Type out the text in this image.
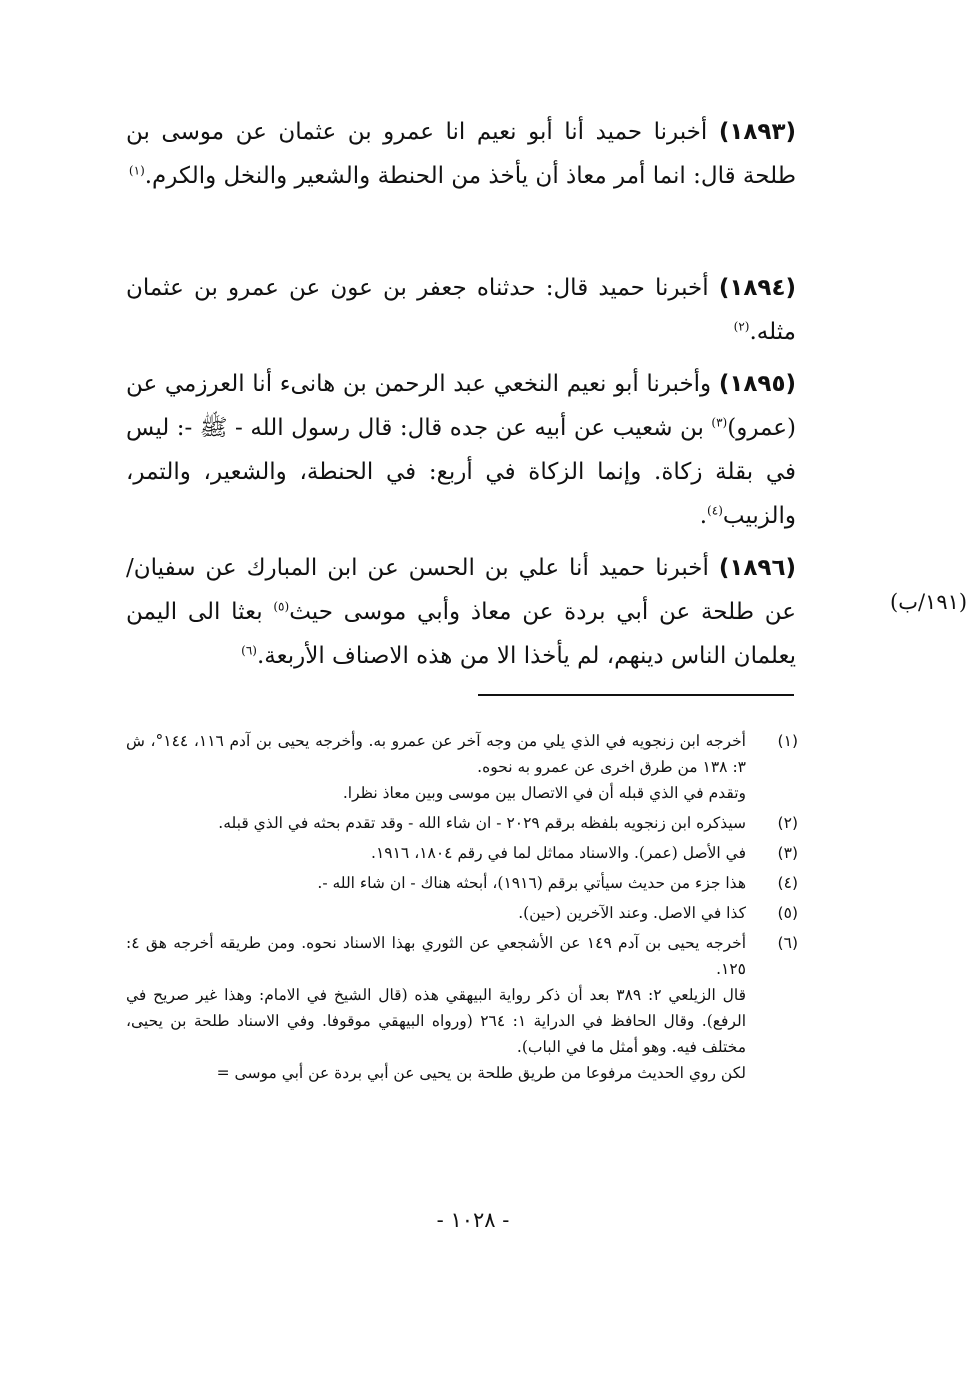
(١٨٩٣) أخبرنا حميد أنا أبو نعيم انا عمرو بن عثمان عن موسى بن طلحة قال: انما أمر معاذ أن يأخذ من الحنطة والشعير والنخل والكرم.$^{(١)}$

(١٨٩٤) أخبرنا حميد قال: حدثناه جعفر بن عون عن عمرو بن عثمان مثله.$^{(٢)}$

(١٨٩٥) وأخبرنا أبو نعيم النخعي عبد الرحمن بن هانىء أنا العرزمي عن (عمرو)$^{(٣)}$ بن شعيب عن أبيه عن جده قال: قال رسول الله - ﷺ -: ليس في بقلة زكاة. وإنما الزكاة في أربع: في الحنطة، والشعير، والتمر، والزبيب$^{(٤)}$.

(١٨٩٦) أخبرنا حميد أنا علي بن الحسن عن ابن المبارك عن سفيان/ عن طلحة عن أبي بردة عن معاذ وأبي موسى حيث$^{(٥)}$ بعثا الى اليمن يعلمان الناس دينهم، لم يأخذا الا من هذه الاصناف الأربعة.$^{(٦)}$

(١٩١/ب)
(١)
أخرجه ابن زنجويه في الذي يلي من وجه آخر عن عمرو به. وأخرجه يحيى بن آدم ١١٦، ١٤٤°، ش ٣: ١٣٨ من طرق اخرى عن عمرو به نحوه.
وتقدم في الذي قبله أن في الاتصال بين موسى وبين معاذ نظرا.
(٢)
سيذكره ابن زنجويه بلفظه برقم ٢٠٢٩ - ان شاء الله - وقد تقدم بحثه في الذي قبله.
(٣)
في الأصل (عمر). والاسناد مماثل لما في رقم ١٨٠٤، ١٩١٦.
(٤)
هذا جزء من حديث سيأتي برقم (١٩١٦)، أبحثه هناك - ان شاء الله -.
(٥)
كذا في الاصل. وعند الآخرين (حين).
(٦)
أخرجه يحيى بن آدم ١٤٩ عن الأشجعي عن الثوري بهذا الاسناد نحوه. ومن طريقه أخرجه هق ٤: ١٢٥.
قال الزيلعي ٢: ٣٨٩ بعد أن ذكر رواية البيهقي هذه (قال الشيخ في الامام: وهذا غير صريح في الرفع). وقال الحافظ في الدراية ١: ٢٦٤ (ورواه البيهقي موقوفا. وفي الاسناد طلحة بن يحيى، مختلف فيه. وهو أمثل ما في الباب).
لكن روي الحديث مرفوعا من طريق طلحة بن يحيى عن أبي بردة عن أبي موسى =
- ١٠٢٨ -
